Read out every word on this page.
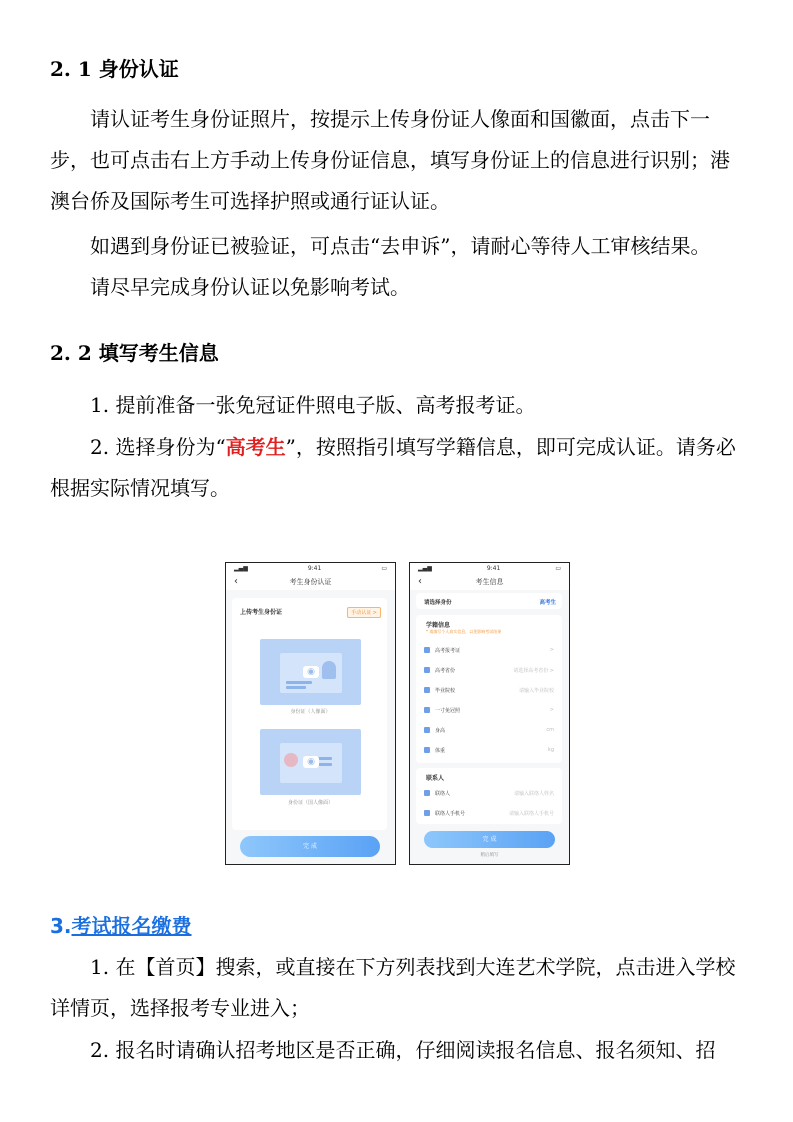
2. 1 身份认证

请认证考生身份证照片，按提示上传身份证人像面和国徽面，点击下一步，也可点击右上方手动上传身份证信息，填写身份证上的信息进行识别；港澳台侨及国际考生可选择护照或通行证认证。

如遇到身份证已被验证，可点击“去申诉”，请耐心等待人工审核结果。

请尽早完成身份认证以免影响考试。

2. 2 填写考生信息

1. 提前准备一张免冠证件照电子版、高考报考证。

2. 选择身份为“高考生”，按照指引填写学籍信息，即可完成认证。请务必根据实际情况填写。

▂▄▆	9:41	▭
‹	考生身份认证
上传考生身份证	手动认证 >
◉
身份证（人像面）
◉
身份证（国人像面）
完 成
▂▄▆	9:41	▭
‹	考生信息
请选择身份	高考生
学籍信息
* 请填写个人真实信息，以免影响考试结果
高考报考证	>
高考省份	请选择高考省份 >
毕业院校	请输入毕业院校
一寸免冠照	>
身高	cm
体重	kg
联系人
联络人	请输入联络人姓名
联络人手机号	请输入联络人手机号
完 成
稍后填写
3.考试报名缴费

1. 在【首页】搜索，或直接在下方列表找到大连艺术学院，点击进入学校详情页，选择报考专业进入；

2. 报名时请确认招考地区是否正确，仔细阅读报名信息、报名须知、招
